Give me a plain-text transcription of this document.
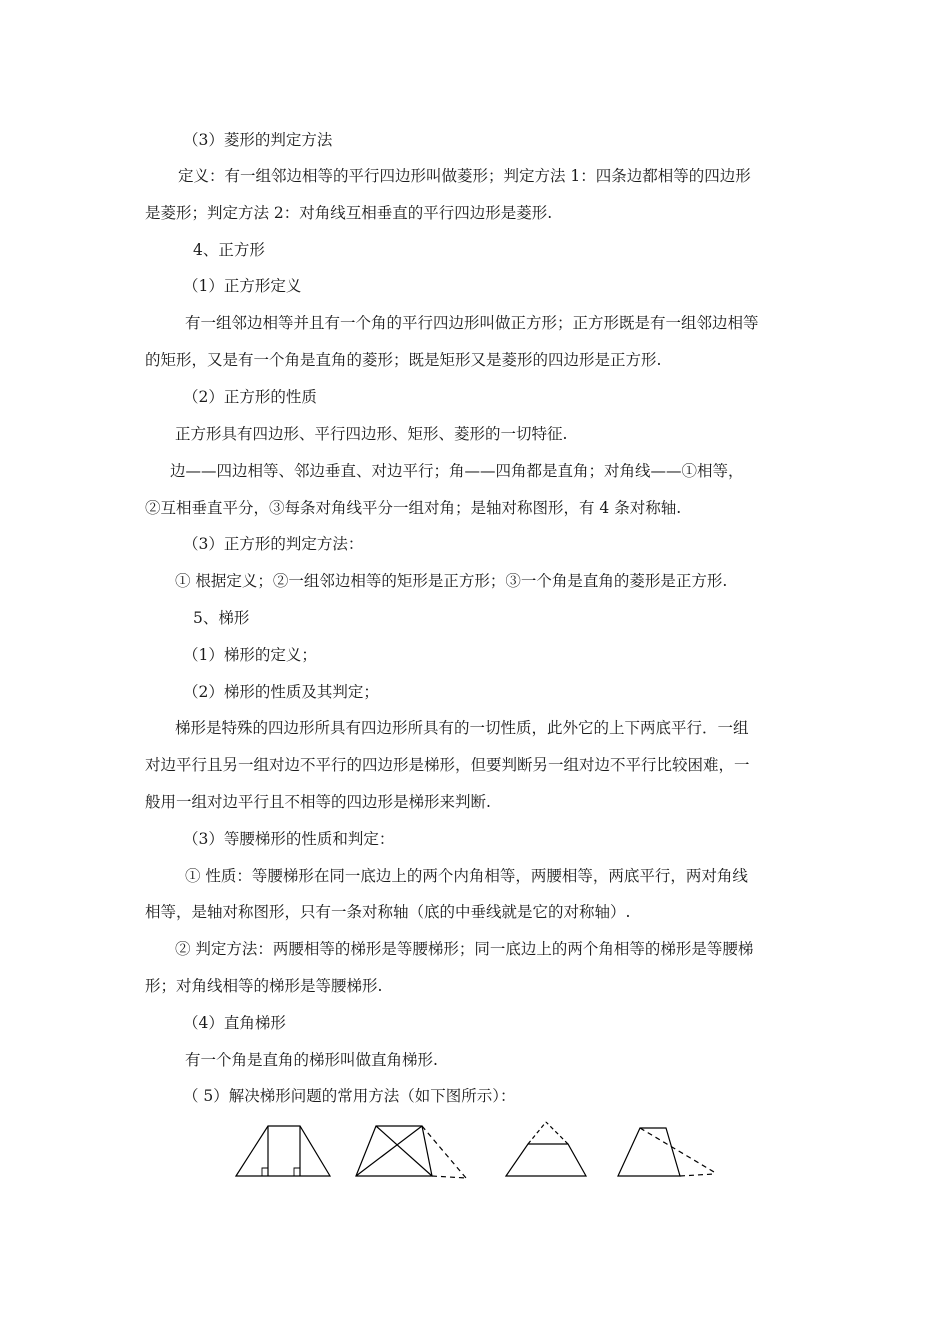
（3）菱形的判定方法
定义：有一组邻边相等的平行四边形叫做菱形；判定方法 1：四条边都相等的四边形
是菱形；判定方法 2：对角线互相垂直的平行四边形是菱形.
4、正方形
（1）正方形定义
有一组邻边相等并且有一个角的平行四边形叫做正方形；正方形既是有一组邻边相等
的矩形，又是有一个角是直角的菱形；既是矩形又是菱形的四边形是正方形.
（2）正方形的性质
正方形具有四边形、平行四边形、矩形、菱形的一切特征.
边——四边相等、邻边垂直、对边平行；角——四角都是直角；对角线——①相等，
②互相垂直平分，③每条对角线平分一组对角；是轴对称图形，有 4 条对称轴.
（3）正方形的判定方法：
① 根据定义；②一组邻边相等的矩形是正方形；③一个角是直角的菱形是正方形.
5、梯形
（1）梯形的定义；
（2）梯形的性质及其判定；
梯形是特殊的四边形所具有四边形所具有的一切性质，此外它的上下两底平行．一组
对边平行且另一组对边不平行的四边形是梯形，但要判断另一组对边不平行比较困难，一
般用一组对边平行且不相等的四边形是梯形来判断.
（3）等腰梯形的性质和判定：
① 性质：等腰梯形在同一底边上的两个内角相等，两腰相等，两底平行，两对角线
相等，是轴对称图形，只有一条对称轴（底的中垂线就是它的对称轴）.
② 判定方法：两腰相等的梯形是等腰梯形；同一底边上的两个角相等的梯形是等腰梯
形；对角线相等的梯形是等腰梯形.
（4）直角梯形
有一个角是直角的梯形叫做直角梯形.
（ 5）解决梯形问题的常用方法（如下图所示）：
